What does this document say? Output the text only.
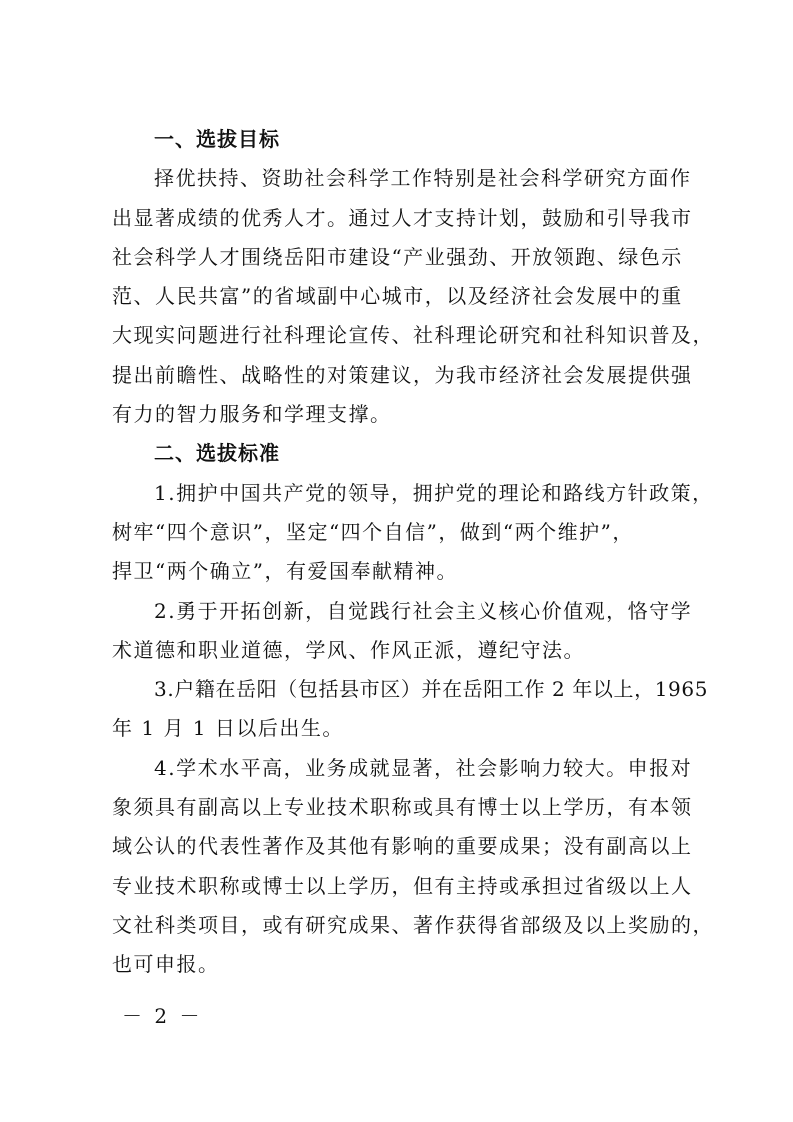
一、选拔目标
择优扶持、资助社会科学工作特别是社会科学研究方面作
出显著成绩的优秀人才。通过人才支持计划，鼓励和引导我市
社会科学人才围绕岳阳市建设“产业强劲、开放领跑、绿色示
范、人民共富”的省域副中心城市，以及经济社会发展中的重
大现实问题进行社科理论宣传、社科理论研究和社科知识普及，
提出前瞻性、战略性的对策建议，为我市经济社会发展提供强
有力的智力服务和学理支撑。
二、选拔标准
1.拥护中国共产党的领导，拥护党的理论和路线方针政策，
树牢“四个意识”，坚定“四个自信”，做到“两个维护”，
捍卫“两个确立”，有爱国奉献精神。
2.勇于开拓创新，自觉践行社会主义核心价值观，恪守学
术道德和职业道德，学风、作风正派，遵纪守法。
3.户籍在岳阳（包括县市区）并在岳阳工作 2 年以上，1965
年 1 月 1 日以后出生。
4.学术水平高，业务成就显著，社会影响力较大。申报对
象须具有副高以上专业技术职称或具有博士以上学历，有本领
域公认的代表性著作及其他有影响的重要成果；没有副高以上
专业技术职称或博士以上学历，但有主持或承担过省级以上人
文社科类项目，或有研究成果、著作获得省部级及以上奖励的，
也可申报。
－ 2 －
